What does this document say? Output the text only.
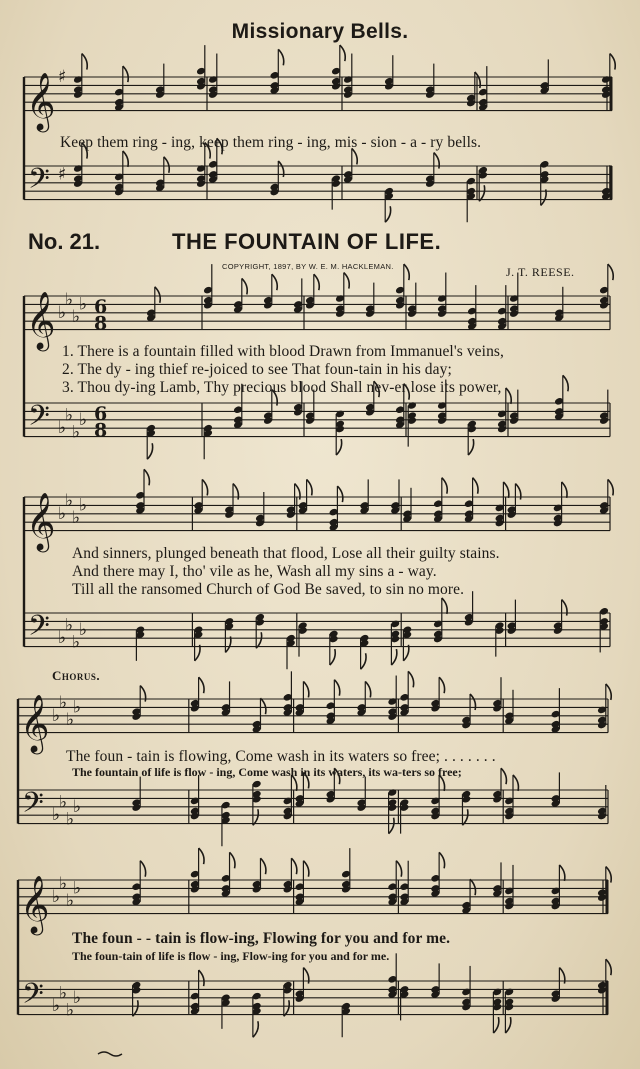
Missionary Bells.
𝄞
𝄢
♯
♯
𝄞
𝄢
♭
♭
♭
♭
♭
♭
♭
♭
6
8
6
8
𝄞
𝄢
♭
♭
♭
♭
♭
♭
♭
♭
𝄞
𝄢
♭
♭
♭
♭
♭
♭
♭
♭
𝄞
𝄢
♭
♭
♭
♭
♭
♭
♭
♭
Keep them ring - ing, keep them ring - ing, mis - sion - a - ry bells.
No. 21.	THE FOUNTAIN OF LIFE.
COPYRIGHT, 1897, BY W. E. M. HACKLEMAN.	J. T. REESE.
1. There is a fountain filled with blood Drawn from Immanuel's veins,
2. The dy - ing thief re-joiced to see That foun-tain in his day;
3. Thou dy-ing Lamb, Thy precious blood Shall nev-er lose its power,
And sinners, plunged beneath that flood, Lose all their guilty stains.
And there may I, tho' vile as he, Wash all my sins a - way.
Till all the ransomed Church of God Be saved, to sin no more.
Chorus.
The foun - tain is flowing, Come wash in its waters so free; . . . . . . .
The fountain of life is flow - ing, Come wash in its waters, its wa-ters so free;
The foun - - tain is flow-ing, Flowing for you and for me.
The foun-tain of life is flow - ing, Flow-ing for you and for me.
